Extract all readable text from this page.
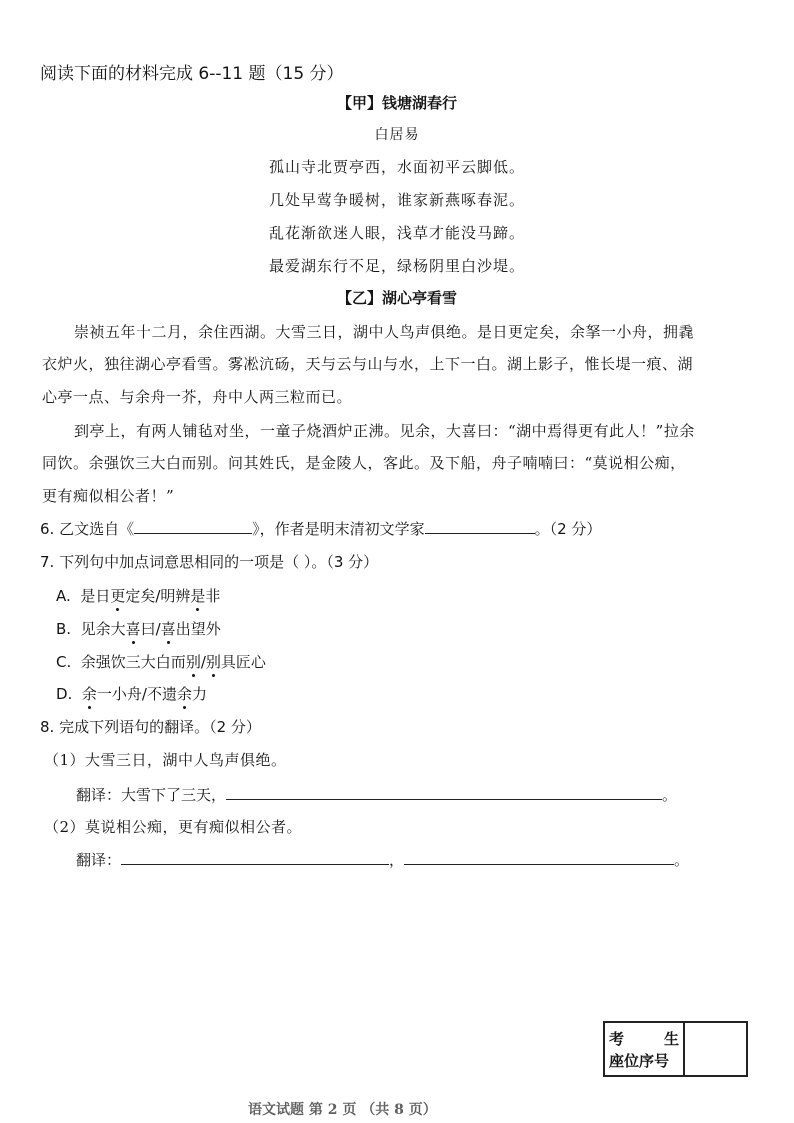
阅读下面的材料完成 6--11 题（15 分）
【甲】钱塘湖春行
白居易
孤山寺北贾亭西，水面初平云脚低。
几处早莺争暖树，谁家新燕啄春泥。
乱花渐欲迷人眼，浅草才能没马蹄。
最爱湖东行不足，绿杨阴里白沙堤。
【乙】湖心亭看雪
崇祯五年十二月，余住西湖。大雪三日，湖中人鸟声俱绝。是日更定矣，余拏一小舟，拥毳
衣炉火，独往湖心亭看雪。雾凇沆砀，天与云与山与水，上下一白。湖上影子，惟长堤一痕、湖
心亭一点、与余舟一芥，舟中人两三粒而已。
到亭上，有两人铺毡对坐，一童子烧酒炉正沸。见余，大喜曰：“湖中焉得更有此人！”拉余
同饮。余强饮三大白而别。问其姓氏，是金陵人，客此。及下船，舟子喃喃曰：“莫说相公痴，
更有痴似相公者！”
6. 乙文选自《	》，作者是明末清初文学家	。（2 分）
7. 下列句中加点词意思相同的一项是（ ）。（3 分）
A. 是日更定矣/明辨是非
B. 见余大喜曰/喜出望外
C. 余强饮三大白而别/别具匠心
D. 余一小舟/不遗余力
8. 完成下列语句的翻译。（2 分）
（1）大雪三日，湖中人鸟声俱绝。
翻译：大雪下了三天，	。
（2）莫说相公痴，更有痴似相公者。
翻译：	，	。
考	生
座位序号
语文试题 第 2 页 （共 8 页）
